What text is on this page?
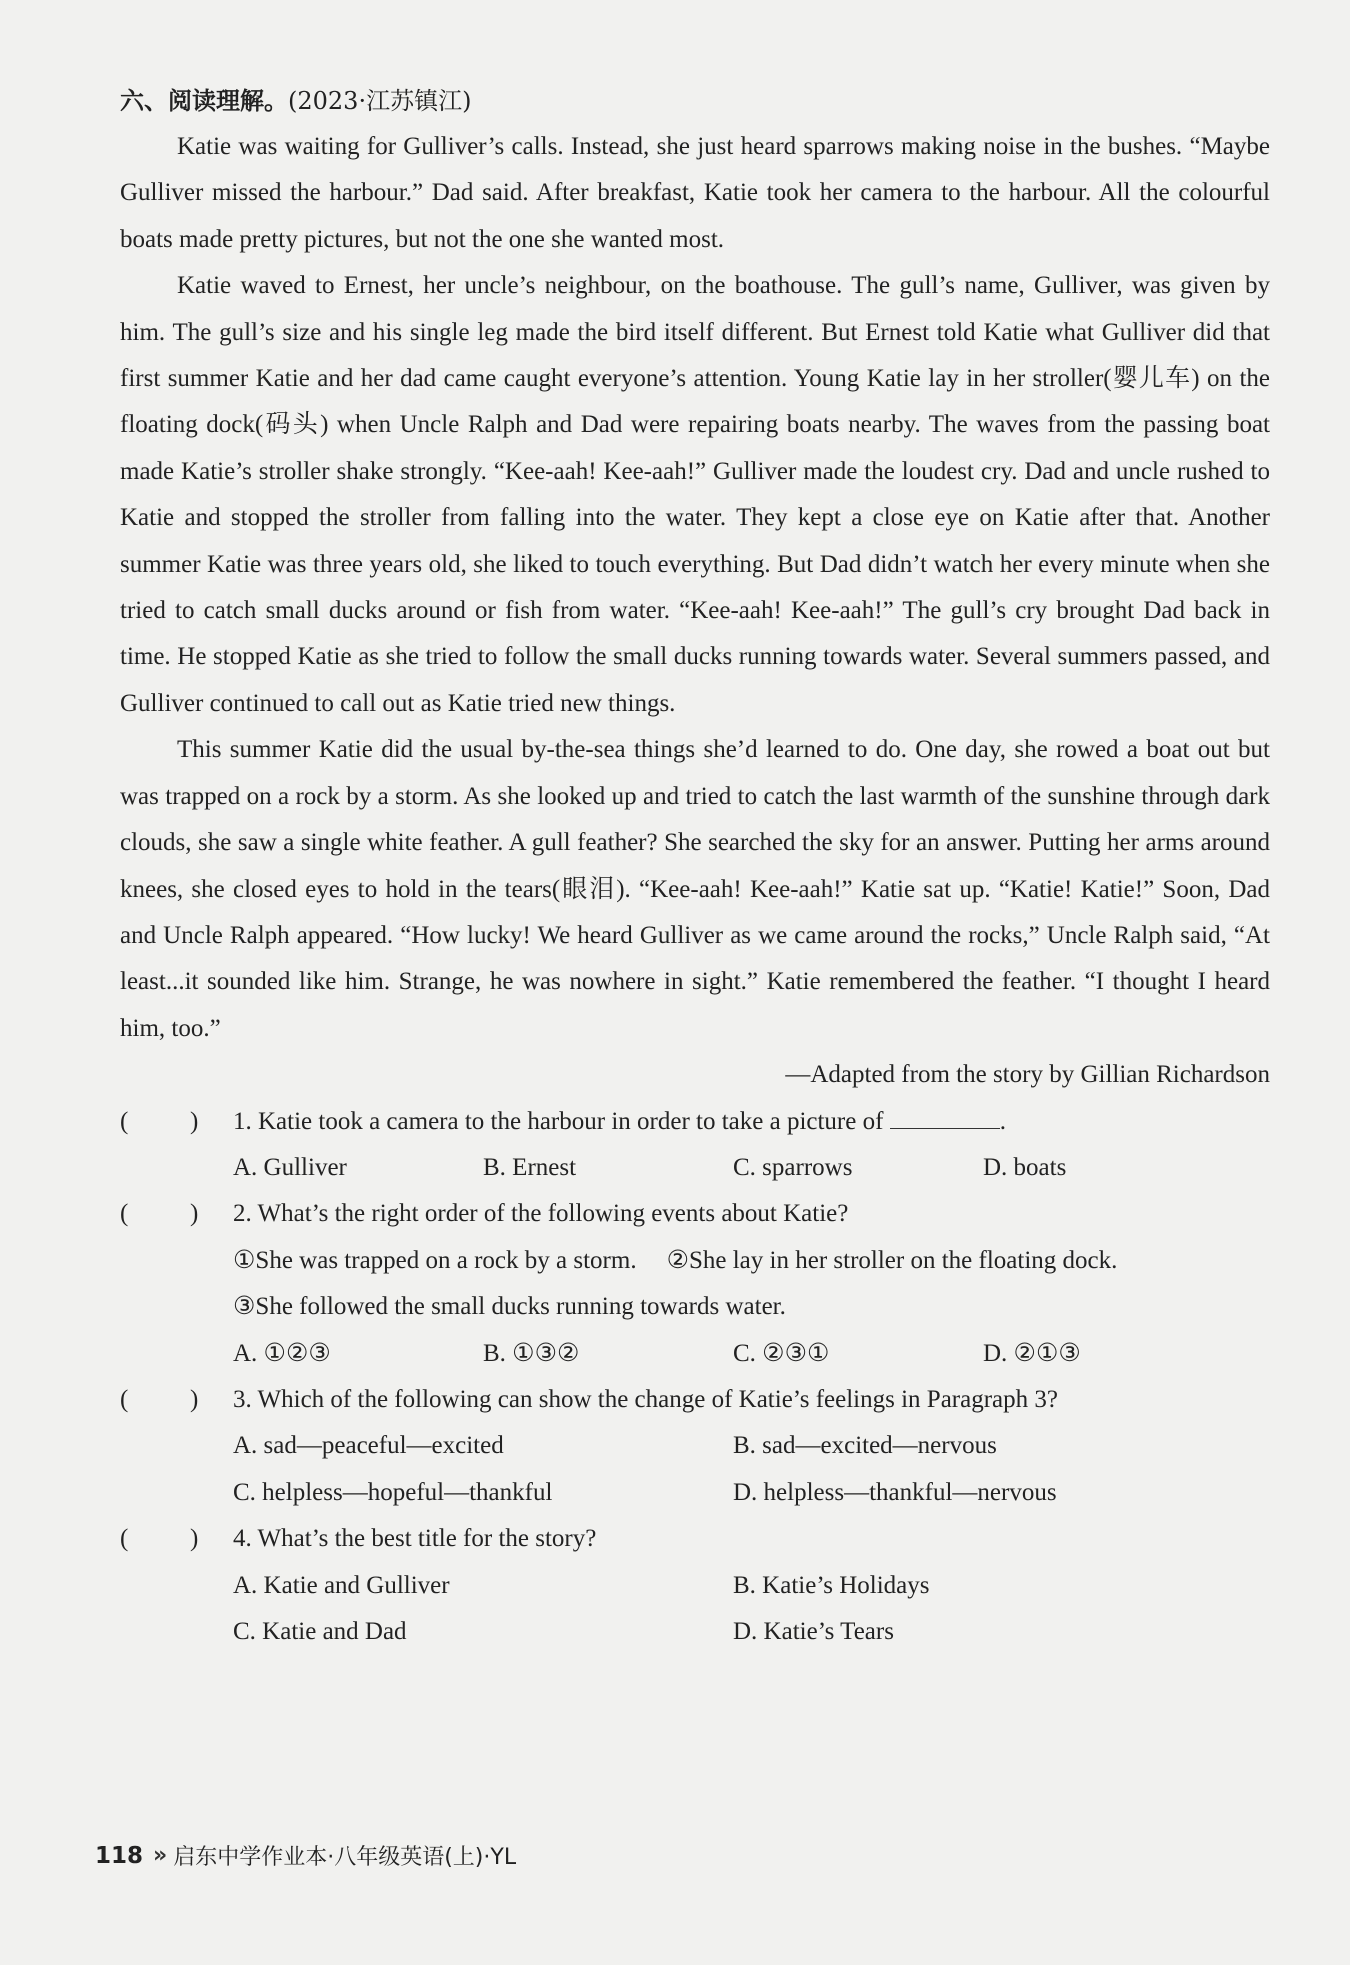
六、阅读理解。(2023·江苏镇江)

Katie was waiting for Gulliver’s calls. Instead, she just heard sparrows making noise in the bushes. “Maybe Gulliver missed the harbour.” Dad said. After breakfast, Katie took her camera to the harbour. All the colourful boats made pretty pictures, but not the one she wanted most.

Katie waved to Ernest, her uncle’s neighbour, on the boathouse. The gull’s name, Gulliver, was given by him. The gull’s size and his single leg made the bird itself different. But Ernest told Katie what Gulliver did that first summer Katie and her dad came caught everyone’s attention. Young Katie lay in her stroller(婴儿车) on the floating dock(码头) when Uncle Ralph and Dad were repairing boats nearby. The waves from the passing boat made Katie’s stroller shake strongly. “Kee-aah! Kee-aah!” Gulliver made the loudest cry. Dad and uncle rushed to Katie and stopped the stroller from falling into the water. They kept a close eye on Katie after that. Another summer Katie was three years old, she liked to touch everything. But Dad didn’t watch her every minute when she tried to catch small ducks around or fish from water. “Kee-aah! Kee-aah!” The gull’s cry brought Dad back in time. He stopped Katie as she tried to follow the small ducks running towards water. Several summers passed, and Gulliver continued to call out as Katie tried new things.

This summer Katie did the usual by-the-sea things she’d learned to do. One day, she rowed a boat out but was trapped on a rock by a storm. As she looked up and tried to catch the last warmth of the sunshine through dark clouds, she saw a single white feather. A gull feather? She searched the sky for an answer. Putting her arms around knees, she closed eyes to hold in the tears(眼泪). “Kee-aah! Kee-aah!” Katie sat up. “Katie! Katie!” Soon, Dad and Uncle Ralph appeared. “How lucky! We heard Gulliver as we came around the rocks,” Uncle Ralph said, “At least...it sounded like him. Strange, he was nowhere in sight.” Katie remembered the feather. “I thought I heard him, too.”

—Adapted from the story by Gillian Richardson

( ) 1. Katie took a camera to the harbour in order to take a picture of	.

A. Gulliver	B. Ernest	C. sparrows	D. boats

( ) 2. What’s the right order of the following events about Katie?

①She was trapped on a rock by a storm. ②She lay in her stroller on the floating dock.

③She followed the small ducks running towards water.

A. ①②③	B. ①③②	C. ②③①	D. ②①③

( ) 3. Which of the following can show the change of Katie’s feelings in Paragraph 3?

A. sad—peaceful—excited	B. sad—excited—nervous
C. helpless—hopeful—thankful	D. helpless—thankful—nervous

( ) 4. What’s the best title for the story?

A. Katie and Gulliver	B. Katie’s Holidays
C. Katie and Dad	D. Katie’s Tears
118 » 启东中学作业本·八年级英语(上)·YL
